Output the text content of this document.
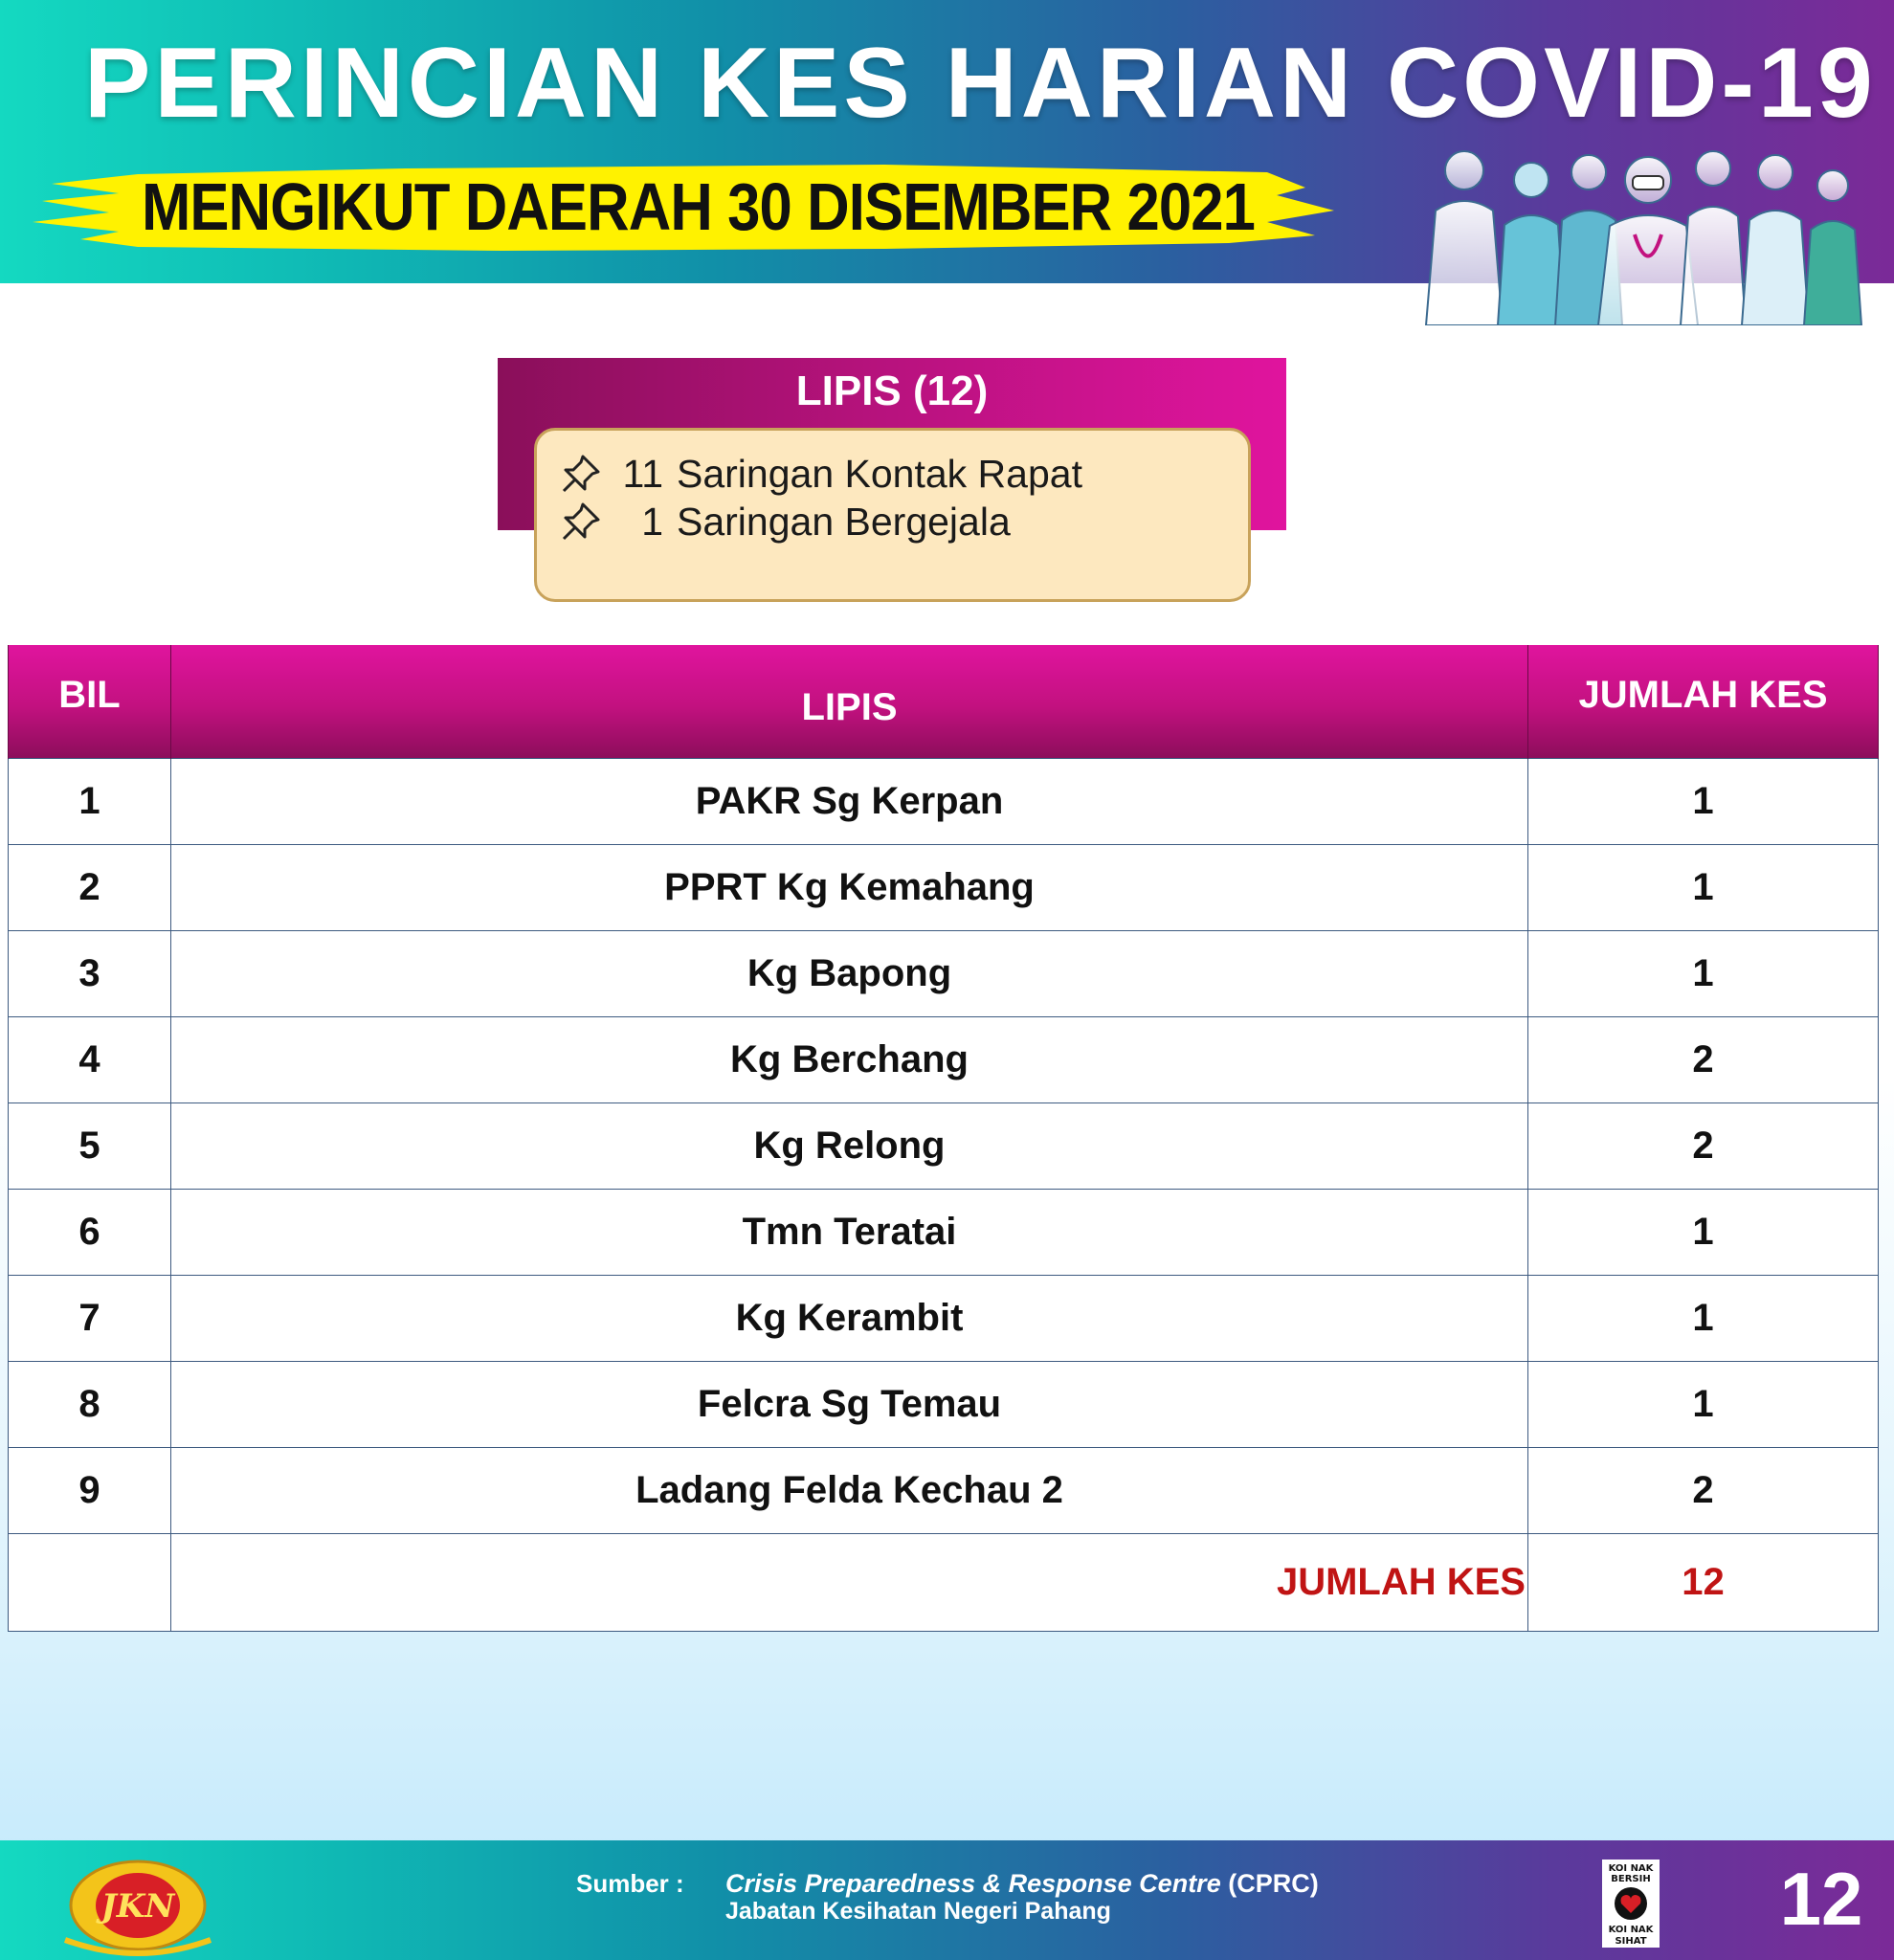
PERINCIAN KES HARIAN COVID-19
MENGIKUT DAERAH 30 DISEMBER 2021
LIPIS (12)
11 Saringan Kontak Rapat
1 Saringan Bergejala
BIL	LIPIS	JUMLAH KES
1	PAKR Sg Kerpan	1
2	PPRT Kg Kemahang	1
3	Kg Bapong	1
4	Kg Berchang	2
5	Kg Relong	2
6	Tmn Teratai	1
7	Kg Kerambit	1
8	Felcra Sg Temau	1
9	Ladang Felda Kechau 2	2
	JUMLAH KES	12
JKN
Sumber : Crisis Preparedness & Response Centre (CPRC)
Jabatan Kesihatan Negeri Pahang
KOI NAK
BERSIH
KOI NAK
SIHAT
12
